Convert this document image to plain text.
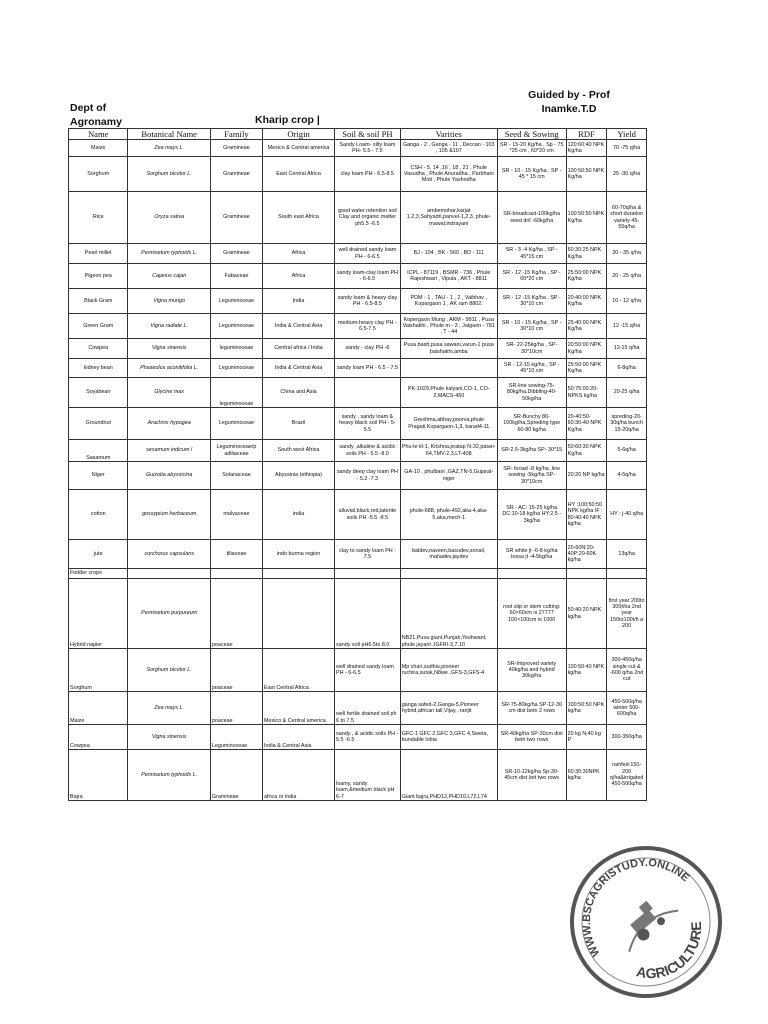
Guided by - Prof
Inamke.T.D
Dept of
Agronamy	Kharip crop |
Name	Botanical Name	Family	Origin	Soil & soil PH	Varities	Seed & Sowing	RDF	Yield
Maize	Zea mays L.	Gramineae	Mexico & Central america	Sandy Loam- silty loam PH- 5.5 - 7.5	Ganga - 2 , Ganga - 11 , Deccan - 103 , 105 &107	SR - 15-20 Kg/ha , Sp - 75 *25 cm , 60*20 cm	120:60:40 NPK Kg/ha	70 -75 q/ha
Sorghum	Sorghum bicolor L.	Gramineae	East Central Africa	clay loam PH - 6.5-8.5	CSH - 5, 14 ,16 , 18 , 21 , Phule Vasudha , Phule Anuradha , Parbhani Moti , Phule Yashodha	SR - 10 - 15 Kg/ha , SP - 45 * 15 cm	100:50:50 NPK Kg/ha	25 -30 q/ha
Rice	Oryza sativa	Gramineae	South east Africa	good water retention soil Clay and organic matter ph5.5 -6.5	ambemohar,karjat 1,2,3,Sahyadri,panvel-1,2,3, phule-mawal,indrayani	SR-broadcast-100kg/ha seed dril -60kg/ha	100:50:50 NPK Kg/ha	60-70q/ha & short duration variety 45-55q/ha
Pearl millet	Pennisetum typhoids L.	Gramineae	Africa	well drained sandy loam PH - 6-6.5	BJ - 104 , BK - 560 , BD - 111	SR - 3 -4 Kg/ha , SP - 45*15 cm	60:30:25 NPK Kg/ha	30 - 35 q/ha
Pigeon pea	Cajanus cajan	Fabaceae	Africa	sandy loam-clay loam PH - 6-6.5	ICPL - 87119 , BSMR - 736 , Phule Rajeshwari , Vipula , AKT - 8811	SR - 12 -15 Kg/ha , SP - 60*20 cm	25:50:00 NPK Kg/ha	20 - 25 q/ha
Black Gram	Vigna mungo	Leguminoceae	India	sandy loam & heavy clay PH - 6.5-8.5	PDM - 1 , TAU - 1 , 2 , Vaibhav , Kopargaon 1 , AK ram 8802.	SR - 12 -15 Kg/ha , SP - 30*10 cm	20:40:00 NPK Kg/ha	10 - 12 q/ha
Green Gram	Vigna radiate L.	Leguminoceae	India & Central Asia	medium-heavy clay PH - 6.5-7.5	Kopergaon Mung , AKM - 9911 , Pusa Vaishakhi , Phule m - 2 , Jalgaon - 781 , T - 44	SR - 10 - 15 Kg/ha , SP - 30*10 cm	25:40:00 NPK Kg/ha	12 -15 q/ha
Cowpea	Vigna sinensis	leguminoceae	Central africa / India	sandy - clay PH -6	Pusa bastt,pusa sawani,varun-1 pusa baishakhi,amba	SR- 22-25kg/ha , SP- 30*10cm	20:50:00 NPK Kg/ha	12-15 q/ha
kidney bean	Phaseolus aconitifolia L.	Leguminoceae	India & Central Asia	sandy loam PH - 6.5 - 7.5		SR - 12-15 kg/ha , SP - 45*10 cm	25:50:00 NPK Kg/ha	6-8q/ha
Soyabean	Glycine max	leguminoceae	China and Asia		PK-1029,Phule kalyani,CO-1, CO-2,MACS-450	SR-line sowing-75-80kg/ha,Dibbling-40-50kg/ha	50:75:00:20- NPKS kg/ha	20-25 q/ha
Groundnut	Arachnis hypogea	Leguminoceae	Brazil	sandy , sandy loam & heavy black soil PH - 5-5.5	Greshma,abhay,poorva,phule Pragati,Kopargaon-1,3, karad4-11	SR-Bunchy 80-100kg/ha,Spreding type 60-80 kg/ha	20-40:50-60:30-40 NPK Kg/ha	spreding-20-30q/ha bunch 15-20q/ha
Sasamum	sesamum indicum l	Leguminoceae/p adiliaceae	South west Africa	sandy ,alkaline & acidic soils PH - 5.5 -8.0	Phu-le til-1, Krishna,pratap N-32,patan-64,TMV-2,3,LT-408	SR-2.5-3kg/ha SP- 30*15	50:60:30 NPK Kg/ha	5-6q/ha
Niger	Guizotia abyssicina	Solanaceae	Abyssinia (ethiopia)	sandy deep clay loam PH - 5.2 -7.3	GA-10 , phulbani ,GAZ,TN-5,Gujarat-niger	SR- broad -8 kg/ha ,line sowing -5kg/ha SP- 30*10cm	20:20 NP kg/ha	4-5q/ha
cotton	gossypium herbaceum	malvaceae	india	alluvial,black,red,laterite soils PH -5.5 -8.5	phule-688, phule-492,aka-4,aka-5,aka,mech-1	SR - AC: 15-25 kg/ha DC:10-18 kg/ha HY:2.5 - 3kg/ha	HY :100;50;50 NPK kg/ha IF : 80:40:40 NPK kg/ha	HY : j-40 q/ha
jute	corchorus capsulans	tiliaceae	indo burma region	clay to sandy loam PH : 7.5	baldev,naveen,basudev,sonali, mahadev,jaydev	SR white jt -6-8 kg/ha tossa jt -4-5kg/ha	20-60N:20-40P:20-60K kg/ha	13q/ha
Fodder crops								
Hybrid napier	Pennisetum purpureum	poaceae		sandy soil pH6.5to 8.0	NB21,Pusa giant,Punjab,Yeshwant, phule jayant ,IGFRI-3,7,10	root slip or stem cutting: 60×60cm is 27777 100×100cm is 1000	50:40:20 NPK kg/ha	first year 200to 300t/ha 2nd year 150to100t/h a 200
Sorghum	Sorghum bicolor L.	poaceae	East Central Africa	well drained sandy loam PH - 6-6.5	Mp chari,sudhiu,pioneer ruchira,sutak,N8we ,GFS-3,GFS-4	SR-Improved variety 40kg/ha and hybrid 30kg/ha	100:50:40 NPK kg/ha	300-450q/ha single cut & -600 q/ha 2nd cut
Maize	Zea mays L.	poaceae	Mexico & Central america	well fertile drained soil ph 6 to 7.5	ganga safed-2,Ganga-5,Pioneer hybrid,african tall,Vijay, ,ranjit	SR-75-80kg/ha SP-12-30 cm dist betn 2 rows	100:50:50 NPK kg/ha	450-500q/ha winter 500-600q/ha
Cowpea	Vigna sinensis	Leguminoceae	India & Central Asia	sandy , & acidic soils PH - 5.5 -6.5	GFC-1 GFC 2,GFC 3,GFC 4,Sweta, bundable lobia	SR-40kg/ha SP-30cm dist betn two rows	20 kg N;40 kg P	300-350q/ha
Bajra	Pennisetum typhoids L.	Gramineae	africa or india	loamy, sandy loam,&medium black pH 6-7	Giant bajra,PHD12,PHD10,L72,L74	SR-10-12kg/ha Sp-30-45cm dist bet two rows	60:30:30NPK kg/ha	rainfed-150-200 q/ha&irrigated 450-500q/ha
WWW.BSCAGRISTUDY.ONLINE
AGRICULTURE
